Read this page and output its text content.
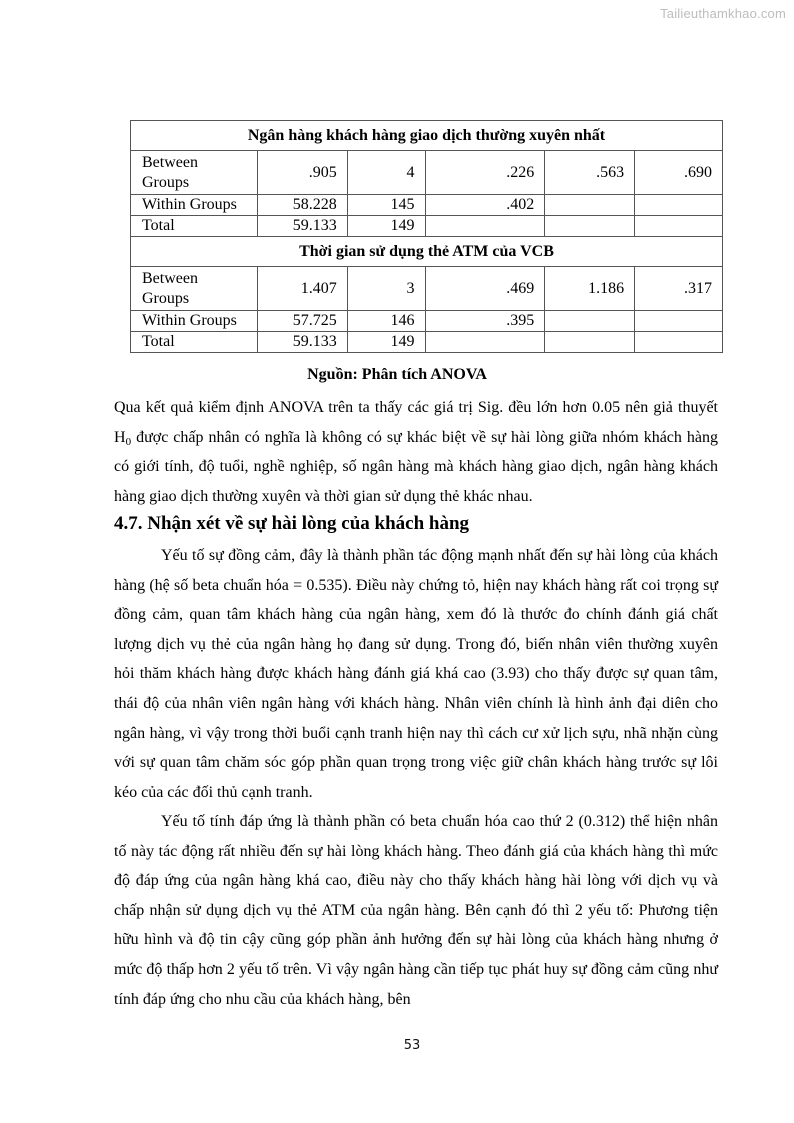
Tailieuthamkhao.com
Ngân hàng khách hàng giao dịch thường xuyên nhất					
Between Groups	.905	4	.226	.563	.690
Within Groups	58.228	145	.402		
Total	59.133	149			
Thời gian sử dụng thẻ ATM của VCB					
Between Groups	1.407	3	.469	1.186	.317
Within Groups	57.725	146	.395		
Total	59.133	149			
Nguồn: Phân tích ANOVA

Qua kết quả kiểm định ANOVA trên ta thấy các giá trị Sig. đều lớn hơn 0.05 nên giả thuyết $H_0$ được chấp nhân có nghĩa là không có sự khác biệt về sự hài lòng giữa nhóm khách hàng có giới tính, độ tuổi, nghề nghiệp, số ngân hàng mà khách hàng giao dịch, ngân hàng khách hàng giao dịch thường xuyên và thời gian sử dụng thẻ khác nhau.

4.7. Nhận xét về sự hài lòng của khách hàng

Yếu tố sự đồng cảm, đây là thành phần tác động mạnh nhất đến sự hài lòng của khách hàng (hệ số beta chuẩn hóa = 0.535). Điều này chứng tỏ, hiện nay khách hàng rất coi trọng sự đồng cảm, quan tâm khách hàng của ngân hàng, xem đó là thước đo chính đánh giá chất lượng dịch vụ thẻ của ngân hàng họ đang sử dụng. Trong đó, biến nhân viên thường xuyên hỏi thăm khách hàng được khách hàng đánh giá khá cao (3.93) cho thấy được sự quan tâm, thái độ của nhân viên ngân hàng với khách hàng. Nhân viên chính là hình ảnh đại diên cho ngân hàng, vì vậy trong thời buổi cạnh tranh hiện nay thì cách cư xử lịch sựu, nhã nhặn cùng với sự quan tâm chăm sóc góp phần quan trọng trong việc giữ chân khách hàng trước sự lôi kéo của các đối thủ cạnh tranh.

Yếu tố tính đáp ứng là thành phần có beta chuẩn hóa cao thứ 2 (0.312) thể hiện nhân tố này tác động rất nhiều đến sự hài lòng khách hàng. Theo đánh giá của khách hàng thì mức độ đáp ứng của ngân hàng khá cao, điều này cho thấy khách hàng hài lòng với dịch vụ và chấp nhận sử dụng dịch vụ thẻ ATM của ngân hàng. Bên cạnh đó thì 2 yếu tố: Phương tiện hữu hình và độ tin cậy cũng góp phần ảnh hưởng đến sự hài lòng của khách hàng nhưng ở mức độ thấp hơn 2 yếu tố trên. Vì vậy ngân hàng cần tiếp tục phát huy sự đồng cảm cũng như tính đáp ứng cho nhu cầu của khách hàng, bên

53
